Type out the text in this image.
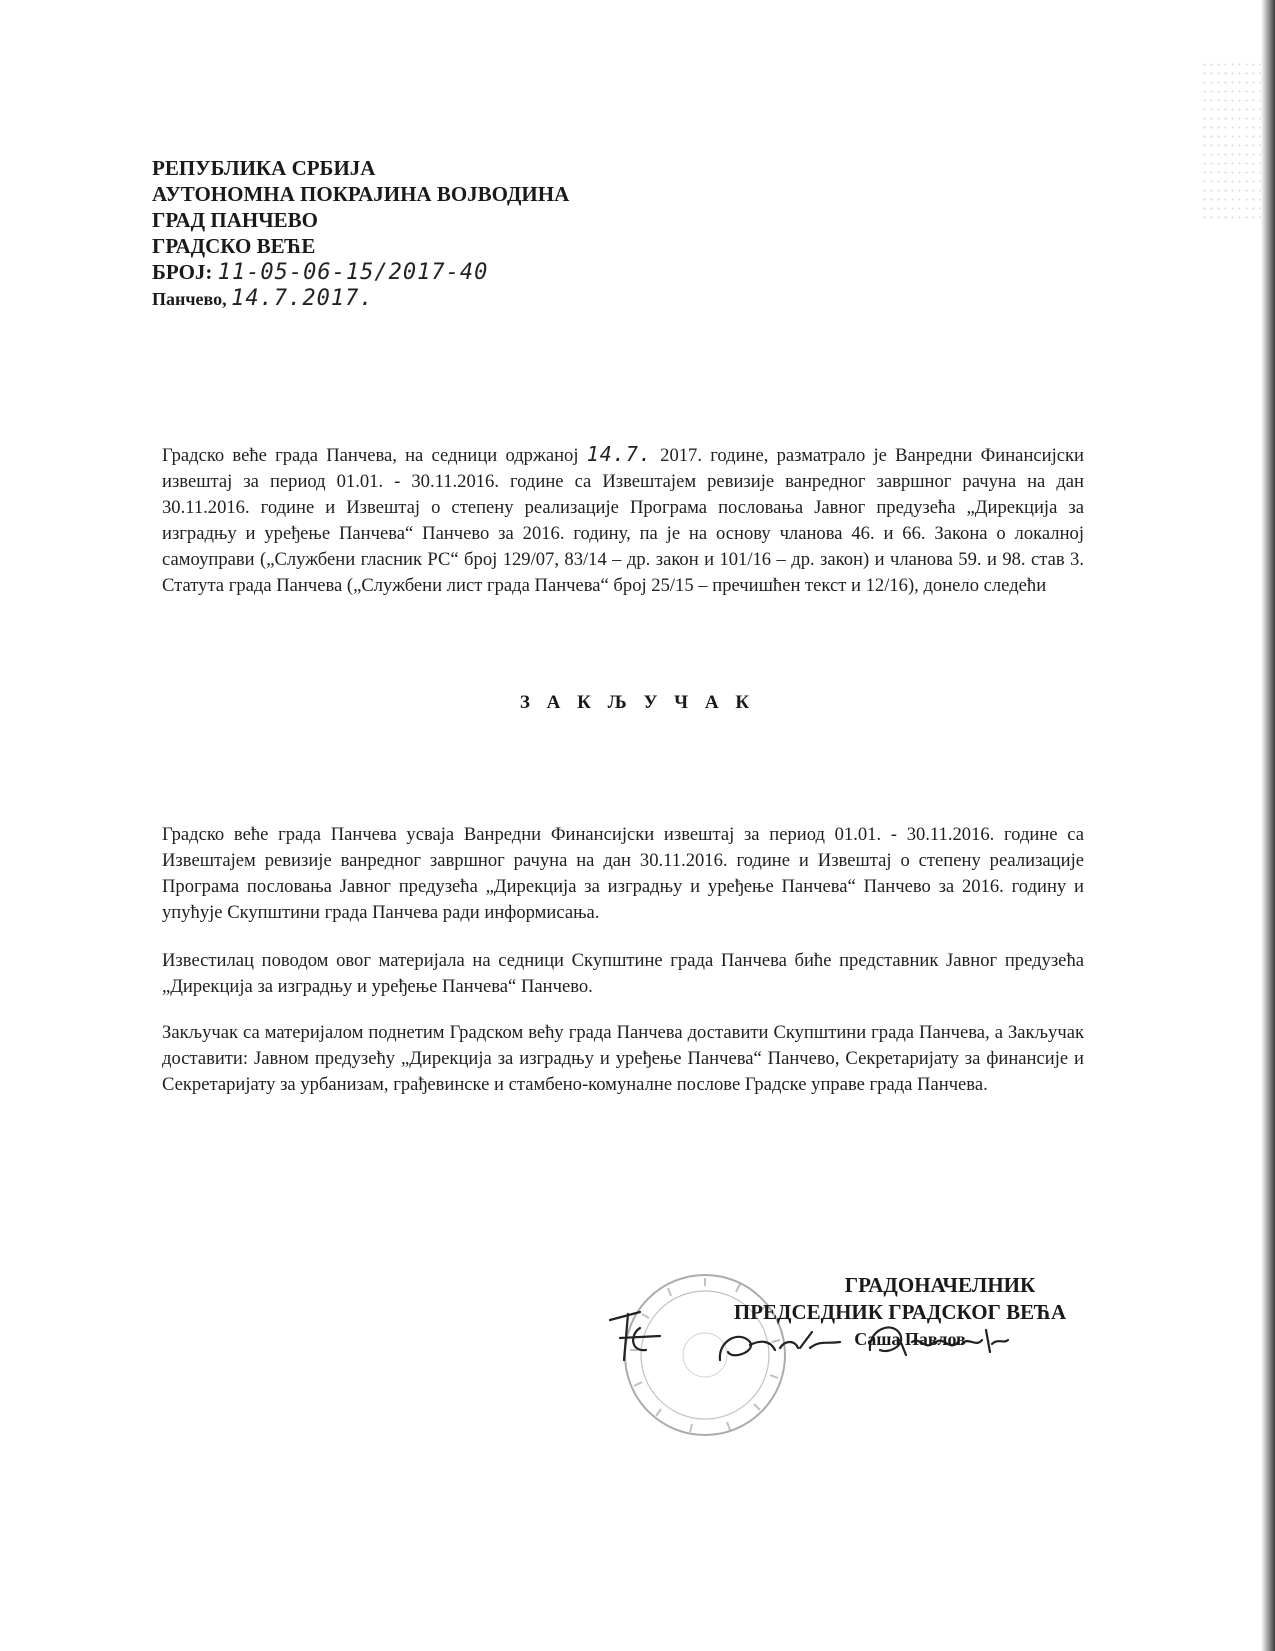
РЕПУБЛИКА СРБИЈА
АУТОНОМНА ПОКРАЈИНА ВОЈВОДИНА
ГРАД ПАНЧЕВО
ГРАДСКО ВЕЋЕ
БРОЈ: 11-05-06-15/2017-40
Панчево, 14.7.2017.
Градско веће града Панчева, на седници одржаној 14.7. 2017. године, разматрало је Ванредни Финансијски извештај за период 01.01. - 30.11.2016. године са Извештајем ревизије ванредног завршног рачуна на дан 30.11.2016. године и Извештај о степену реализације Програма пословања Јавног предузећа „Дирекција за изградњу и уређење Панчева“ Панчево за 2016. годину, па је на основу чланова 46. и 66. Закона о локалној самоуправи („Службени гласник РС“ број 129/07, 83/14 – др. закон и 101/16 – др. закон) и чланова 59. и 98. став 3. Статута града Панчева („Службени лист града Панчева“ број 25/15 – пречишћен текст и 12/16), донело следећи
З А К Љ У Ч А К
Градско веће града Панчева усваја Ванредни Финансијски извештај за период 01.01. - 30.11.2016. године са Извештајем ревизије ванредног завршног рачуна на дан 30.11.2016. године и Извештај о степену реализације Програма пословања Јавног предузећа „Дирекција за изградњу и уређење Панчева“ Панчево за 2016. годину и упућује Скупштини града Панчева ради информисања.
Известилац поводом овог материјала на седници Скупштине града Панчева биће представник Јавног предузећа „Дирекција за изградњу и уређење Панчева“ Панчево.
Закључак са материјалом поднетим Градском већу града Панчева доставити Скупштини града Панчева, а Закључак доставити: Јавном предузећу „Дирекција за изградњу и уређење Панчева“ Панчево, Секретаријату за финансије и Секретаријату за урбанизам, грађевинске и стамбено-комуналне послове Градске управе града Панчева.
ГРАДОНАЧЕЛНИК
ПРЕДСЕДНИК ГРАДСКОГ ВЕЋА
Саша Павлов
